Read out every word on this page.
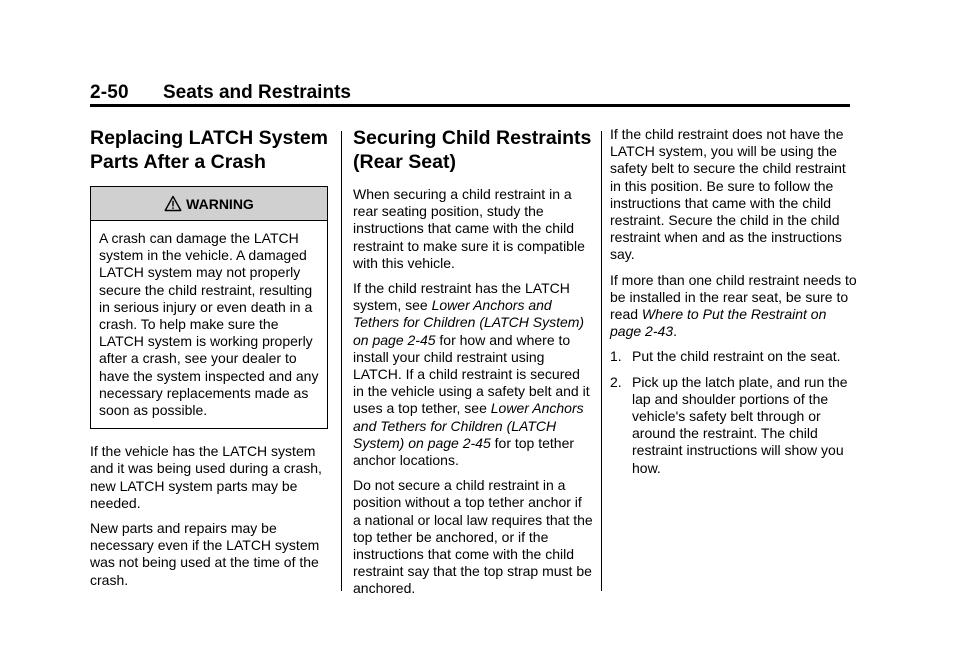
2-50 Seats and Restraints
Replacing LATCH System
Parts After a Crash
WARNING
A crash can damage the LATCH system in the vehicle. A damaged LATCH system may not properly secure the child restraint, resulting in serious injury or even death in a crash. To help make sure the LATCH system is working properly after a crash, see your dealer to have the system inspected and any necessary replacements made as soon as possible.

If the vehicle has the LATCH system and it was being used during a crash, new LATCH system parts may be needed.

New parts and repairs may be necessary even if the LATCH system was not being used at the time of the crash.

Securing Child Restraints
(Rear Seat)

When securing a child restraint in a rear seating position, study the instructions that came with the child restraint to make sure it is compatible with this vehicle.

If the child restraint has the LATCH system, see Lower Anchors and Tethers for Children (LATCH System) on page 2-45 for how and where to install your child restraint using LATCH. If a child restraint is secured in the vehicle using a safety belt and it uses a top tether, see Lower Anchors and Tethers for Children (LATCH System) on page 2-45 for top tether anchor locations.

Do not secure a child restraint in a position without a top tether anchor if a national or local law requires that the top tether be anchored, or if the instructions that come with the child restraint say that the top strap must be anchored.

If the child restraint does not have the LATCH system, you will be using the safety belt to secure the child restraint in this position. Be sure to follow the instructions that came with the child restraint. Secure the child in the child restraint when and as the instructions say.

If more than one child restraint needs to be installed in the rear seat, be sure to read Where to Put the Restraint on page 2-43.

1. Put the child restraint on the seat.
2. Pick up the latch plate, and run the lap and shoulder portions of the vehicle's safety belt through or around the restraint. The child restraint instructions will show you how.
